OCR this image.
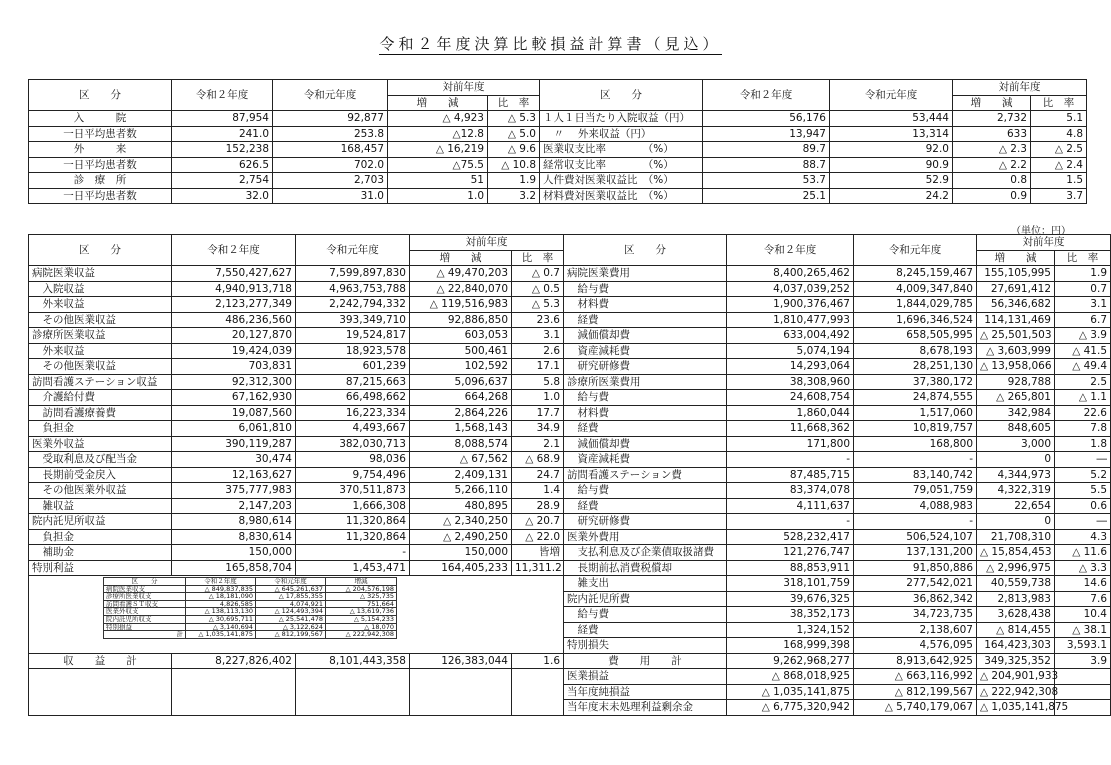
令和２年度決算比較損益計算書（見込）
区　　分	令和２年度	令和元年度	対前年度		区　　分	令和２年度	令和元年度	対前年度	
			増　　減	比　率				増　　減	比　率
入　　　院	87,954	92,877	△ 4,923	△ 5.3	１人１日当たり入院収益（円）	56,176	53,444	2,732	5.1
一日平均患者数	241.0	253.8	△12.8	△ 5.0	　〃　 外来収益（円）	13,947	13,314	633	4.8
外　　　来	152,238	168,457	△ 16,219	△ 9.6	医業収支比率　　　　（%）	89.7	92.0	△ 2.3	△ 2.5
一日平均患者数	626.5	702.0	△75.5	△ 10.8	経常収支比率　　　　（%）	88.7	90.9	△ 2.2	△ 2.4
診　療　所	2,754	2,703	51	1.9	人件費対医業収益比　（%）	53.7	52.9	0.8	1.5
一日平均患者数	32.0	31.0	1.0	3.2	材料費対医業収益比　（%）	25.1	24.2	0.9	3.7
（単位：円）
区　　分	令和２年度	令和元年度	対前年度		区　　分	令和２年度	令和元年度	対前年度	
			増　　減	比　率				増　　減	比　率
病院医業収益	7,550,427,627	7,599,897,830	△ 49,470,203	△ 0.7	病院医業費用	8,400,265,462	8,245,159,467	155,105,995	1.9
　入院収益	4,940,913,718	4,963,753,788	△ 22,840,070	△ 0.5	　給与費	4,037,039,252	4,009,347,840	27,691,412	0.7
　外来収益	2,123,277,349	2,242,794,332	△ 119,516,983	△ 5.3	　材料費	1,900,376,467	1,844,029,785	56,346,682	3.1
　その他医業収益	486,236,560	393,349,710	92,886,850	23.6	　経費	1,810,477,993	1,696,346,524	114,131,469	6.7
診療所医業収益	20,127,870	19,524,817	603,053	3.1	　減価償却費	633,004,492	658,505,995	△ 25,501,503	△ 3.9
　外来収益	19,424,039	18,923,578	500,461	2.6	　資産減耗費	5,074,194	8,678,193	△ 3,603,999	△ 41.5
　その他医業収益	703,831	601,239	102,592	17.1	　研究研修費	14,293,064	28,251,130	△ 13,958,066	△ 49.4
訪問看護ステーション収益	92,312,300	87,215,663	5,096,637	5.8	診療所医業費用	38,308,960	37,380,172	928,788	2.5
　介護給付費	67,162,930	66,498,662	664,268	1.0	　給与費	24,608,754	24,874,555	△ 265,801	△ 1.1
　訪問看護療養費	19,087,560	16,223,334	2,864,226	17.7	　材料費	1,860,044	1,517,060	342,984	22.6
　負担金	6,061,810	4,493,667	1,568,143	34.9	　経費	11,668,362	10,819,757	848,605	7.8
医業外収益	390,119,287	382,030,713	8,088,574	2.1	　減価償却費	171,800	168,800	3,000	1.8
　受取利息及び配当金	30,474	98,036	△ 67,562	△ 68.9	　資産減耗費	-	-	0	―
　長期前受金戻入	12,163,627	9,754,496	2,409,131	24.7	訪問看護ステーション費	87,485,715	83,140,742	4,344,973	5.2
　その他医業外収益	375,777,983	370,511,873	5,266,110	1.4	　給与費	83,374,078	79,051,759	4,322,319	5.5
　雑収益	2,147,203	1,666,308	480,895	28.9	　経費	4,111,637	4,088,983	22,654	0.6
院内託児所収益	8,980,614	11,320,864	△ 2,340,250	△ 20.7	　研究研修費	-	-	0	―
　負担金	8,830,614	11,320,864	△ 2,490,250	△ 22.0	医業外費用	528,232,417	506,524,107	21,708,310	4.3
　補助金	150,000	-	150,000	皆増	　支払利息及び企業債取扱諸費	121,276,747	137,131,200	△ 15,854,453	△ 11.6
特別利益	165,858,704	1,453,471	164,405,233	11,311.2	　長期前払消費税償却	88,853,911	91,850,886	△ 2,996,975	△ 3.3
					　雑支出	318,101,759	277,542,021	40,559,738	14.6
					院内託児所費	39,676,325	36,862,342	2,813,983	7.6
					　給与費	38,352,173	34,723,735	3,628,438	10.4
					　経費	1,324,152	2,138,607	△ 814,455	△ 38.1
					特別損失	168,999,398	4,576,095	164,423,303	3,593.1
収　　益　　計	8,227,826,402	8,101,443,358	126,383,044	1.6	費　　用　　計	9,262,968,277	8,913,642,925	349,325,352	3.9
					医業損益	△ 868,018,925	△ 663,116,992	△ 204,901,933	
					当年度純損益	△ 1,035,141,875	△ 812,199,567	△ 222,942,308	
					当年度末未処理利益剰余金	△ 6,775,320,942	△ 5,740,179,067	△ 1,035,141,875	
区　　分	令和２年度	令和元年度	増減
病院医業収支	△ 849,837,835	△ 645,261,637	△ 204,576,198
診療所医業収支	△ 18,181,090	△ 17,855,355	△ 325,735
訪問看護ＳＴ収支	4,826,585	4,074,921	751,664
医業外収支	△ 138,113,130	△ 124,493,394	△ 13,619,736
院内託児所収支	△ 30,695,711	△ 25,541,478	△ 5,154,233
特別損益	△ 3,140,694	△ 3,122,624	△ 18,070
計	△ 1,035,141,875	△ 812,199,567	△ 222,942,308
